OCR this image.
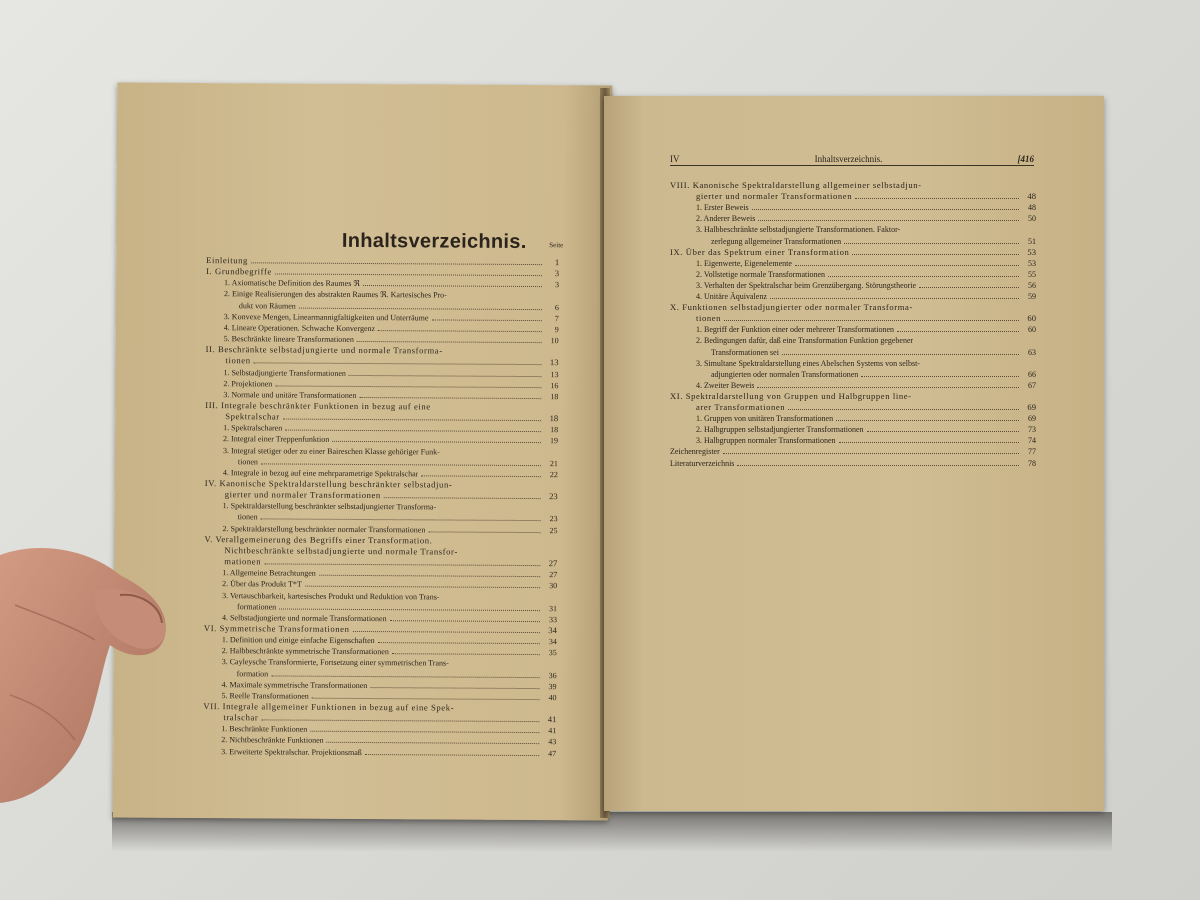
Inhaltsverzeichnis.	Seite
Einleitung	1
I. Grundbegriffe	3
1. Axiomatische Definition des Raumes ℜ	3
2. Einige Realisierungen des abstrakten Raumes ℜ. Kartesisches Pro-
dukt von Räumen	6
3. Konvexe Mengen, Linearmannigfaltigkeiten und Unterräume	7
4. Lineare Operationen. Schwache Konvergenz	9
5. Beschränkte lineare Transformationen	10
II. Beschränkte selbstadjungierte und normale Transforma-
tionen	13
1. Selbstadjungierte Transformationen	13
2. Projektionen	16
3. Normale und unitäre Transformationen	18
III. Integrale beschränkter Funktionen in bezug auf eine
Spektralschar	18
1. Spektralscharen	18
2. Integral einer Treppenfunktion	19
3. Integral stetiger oder zu einer Baireschen Klasse gehöriger Funk-
tionen	21
4. Integrale in bezug auf eine mehrparametrige Spektralschar	22
IV. Kanonische Spektraldarstellung beschränkter selbstadjun-
gierter und normaler Transformationen	23
1. Spektraldarstellung beschränkter selbstadjungierter Transforma-
tionen	23
2. Spektraldarstellung beschränkter normaler Transformationen	25
V. Verallgemeinerung des Begriffs einer Transformation.
Nichtbeschränkte selbstadjungierte und normale Transfor-
mationen	27
1. Allgemeine Betrachtungen	27
2. Über das Produkt T*T	30
3. Vertauschbarkeit, kartesisches Produkt und Reduktion von Trans-
formationen	31
4. Selbstadjungierte und normale Transformationen	33
VI. Symmetrische Transformationen	34
1. Definition und einige einfache Eigenschaften	34
2. Halbbeschränkte symmetrische Transformationen	35
3. Cayleysche Transformierte, Fortsetzung einer symmetrischen Trans-
formation	36
4. Maximale symmetrische Transformationen	39
5. Reelle Transformationen	40
VII. Integrale allgemeiner Funktionen in bezug auf eine Spek-
tralschar	41
1. Beschränkte Funktionen	41
2. Nichtbeschränkte Funktionen	43
3. Erweiterte Spektralschar. Projektionsmaß	47
IV	Inhaltsverzeichnis.	[416
VIII. Kanonische Spektraldarstellung allgemeiner selbstadjun-
gierter und normaler Transformationen	48
1. Erster Beweis	48
2. Anderer Beweis	50
3. Halbbeschränkte selbstadjungierte Transformationen. Faktor-
zerlegung allgemeiner Transformationen	51
IX. Über das Spektrum einer Transformation	53
1. Eigenwerte, Eigenelemente	53
2. Vollstetige normale Transformationen	55
3. Verhalten der Spektralschar beim Grenzübergang. Störungstheorie	56
4. Unitäre Äquivalenz	59
X. Funktionen selbstadjungierter oder normaler Transforma-
tionen	60
1. Begriff der Funktion einer oder mehrerer Transformationen	60
2. Bedingungen dafür, daß eine Transformation Funktion gegebener
Transformationen sei	63
3. Simultane Spektraldarstellung eines Abelschen Systems von selbst-
adjungierten oder normalen Transformationen	66
4. Zweiter Beweis	67
XI. Spektraldarstellung von Gruppen und Halbgruppen line-
arer Transformationen	69
1. Gruppen von unitären Transformationen	69
2. Halbgruppen selbstadjungierter Transformationen	73
3. Halbgruppen normaler Transformationen	74
Zeichenregister	77
Literaturverzeichnis	78
